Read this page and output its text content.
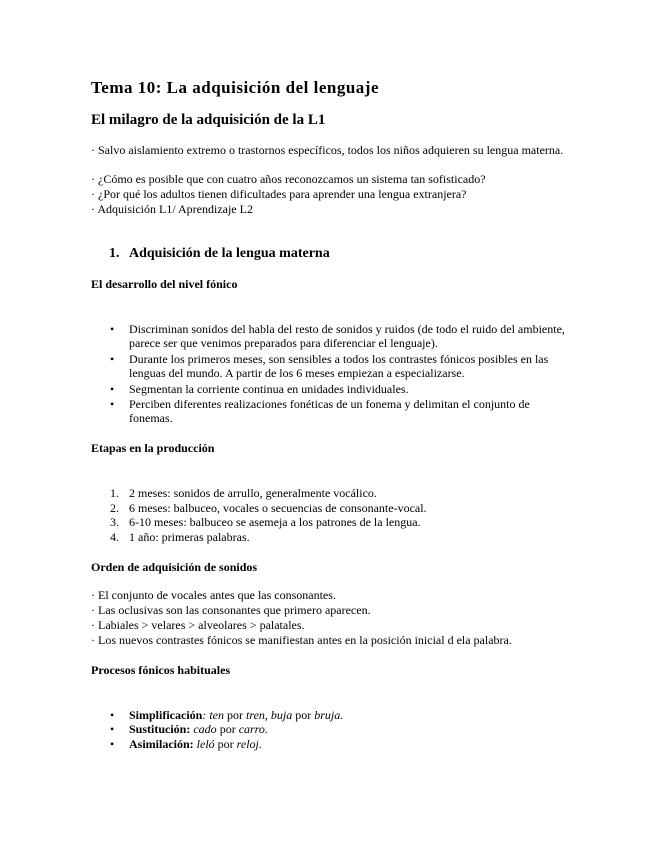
Tema 10: La adquisición del lenguaje
El milagro de la adquisición de la L1
· Salvo aislamiento extremo o trastornos específicos, todos los niños adquieren su lengua materna.
· ¿Cómo es posible que con cuatro años reconozcamos un sistema tan sofisticado?
· ¿Por qué los adultos tienen dificultades para aprender una lengua extranjera?
· Adquisición L1/ Aprendizaje L2
1. Adquisición de la lengua materna
El desarrollo del nivel fónico
• Discriminan sonidos del habla del resto de sonidos y ruidos (de todo el ruido del ambiente, parece ser que venimos preparados para diferenciar el lenguaje).
• Durante los primeros meses, son sensibles a todos los contrastes fónicos posibles en las lenguas del mundo. A partir de los 6 meses empiezan a especializarse.
• Segmentan la corriente continua en unidades individuales.
• Perciben diferentes realizaciones fonéticas de un fonema y delimitan el conjunto de fonemas.
Etapas en la producción
1. 2 meses: sonidos de arrullo, generalmente vocálico.
2. 6 meses: balbuceo, vocales o secuencias de consonante-vocal.
3. 6-10 meses: balbuceo se asemeja a los patrones de la lengua.
4. 1 año: primeras palabras.
Orden de adquisición de sonidos
· El conjunto de vocales antes que las consonantes.
· Las oclusivas son las consonantes que primero aparecen.
· Labiales > velares > alveolares > palatales.
· Los nuevos contrastes fónicos se manifiestan antes en la posición inicial d ela palabra.
Procesos fónicos habituales
• Simplificación: ten por tren, buja por bruja.
• Sustitución: cado por carro.
• Asimilación: leló por reloj.
